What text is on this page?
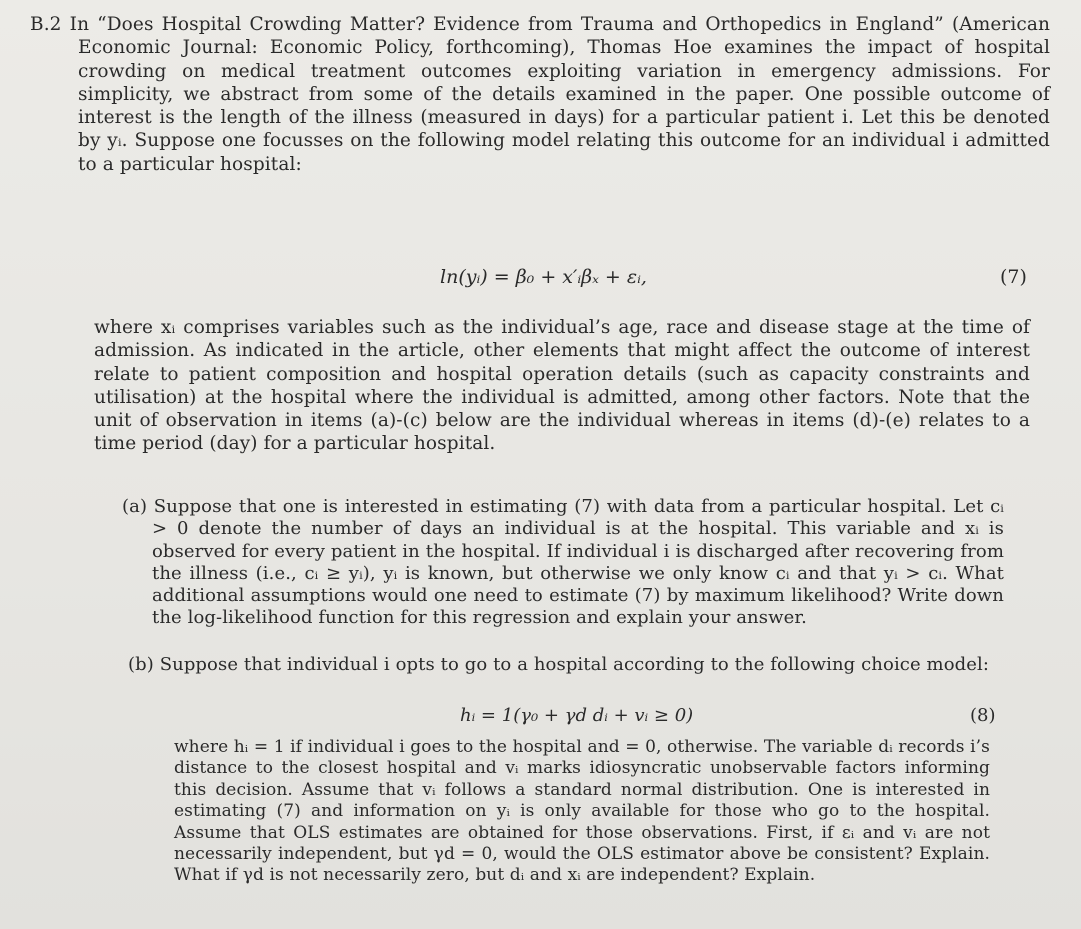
B.2 In “Does Hospital Crowding Matter? Evidence from Trauma and Orthopedics in England” (American Economic Journal: Economic Policy, forthcoming), Thomas Hoe examines the impact of hospital crowding on medical treatment outcomes exploiting variation in emergency admissions. For simplicity, we abstract from some of the details examined in the paper. One possible outcome of interest is the length of the illness (measured in days) for a particular patient i. Let this be denoted by yᵢ. Suppose one focusses on the following model relating this outcome for an individual i admitted to a particular hospital:
ln(yᵢ) = β₀ + x′ᵢβₓ + εᵢ,	(7)
where xᵢ comprises variables such as the individual’s age, race and disease stage at the time of admission. As indicated in the article, other elements that might affect the outcome of interest relate to patient composition and hospital operation details (such as capacity constraints and utilisation) at the hospital where the individual is admitted, among other factors. Note that the unit of observation in items (a)-(c) below are the individual whereas in items (d)-(e) relates to a time period (day) for a particular hospital.
(a) Suppose that one is interested in estimating (7) with data from a particular hospital. Let cᵢ > 0 denote the number of days an individual is at the hospital. This variable and xᵢ is observed for every patient in the hospital. If individual i is discharged after recovering from the illness (i.e., cᵢ ≥ yᵢ), yᵢ is known, but otherwise we only know cᵢ and that yᵢ > cᵢ. What additional assumptions would one need to estimate (7) by maximum likelihood? Write down the log-likelihood function for this regression and explain your answer.
(b) Suppose that individual i opts to go to a hospital according to the following choice model:
hᵢ = 1(γ₀ + γd dᵢ + vᵢ ≥ 0)	(8)
where hᵢ = 1 if individual i goes to the hospital and = 0, otherwise. The variable dᵢ records i’s distance to the closest hospital and vᵢ marks idiosyncratic unobservable factors informing this decision. Assume that vᵢ follows a standard normal distribution. One is interested in estimating (7) and information on yᵢ is only available for those who go to the hospital. Assume that OLS estimates are obtained for those observations. First, if εᵢ and vᵢ are not necessarily independent, but γd = 0, would the OLS estimator above be consistent? Explain. What if γd is not necessarily zero, but dᵢ and xᵢ are independent? Explain.
